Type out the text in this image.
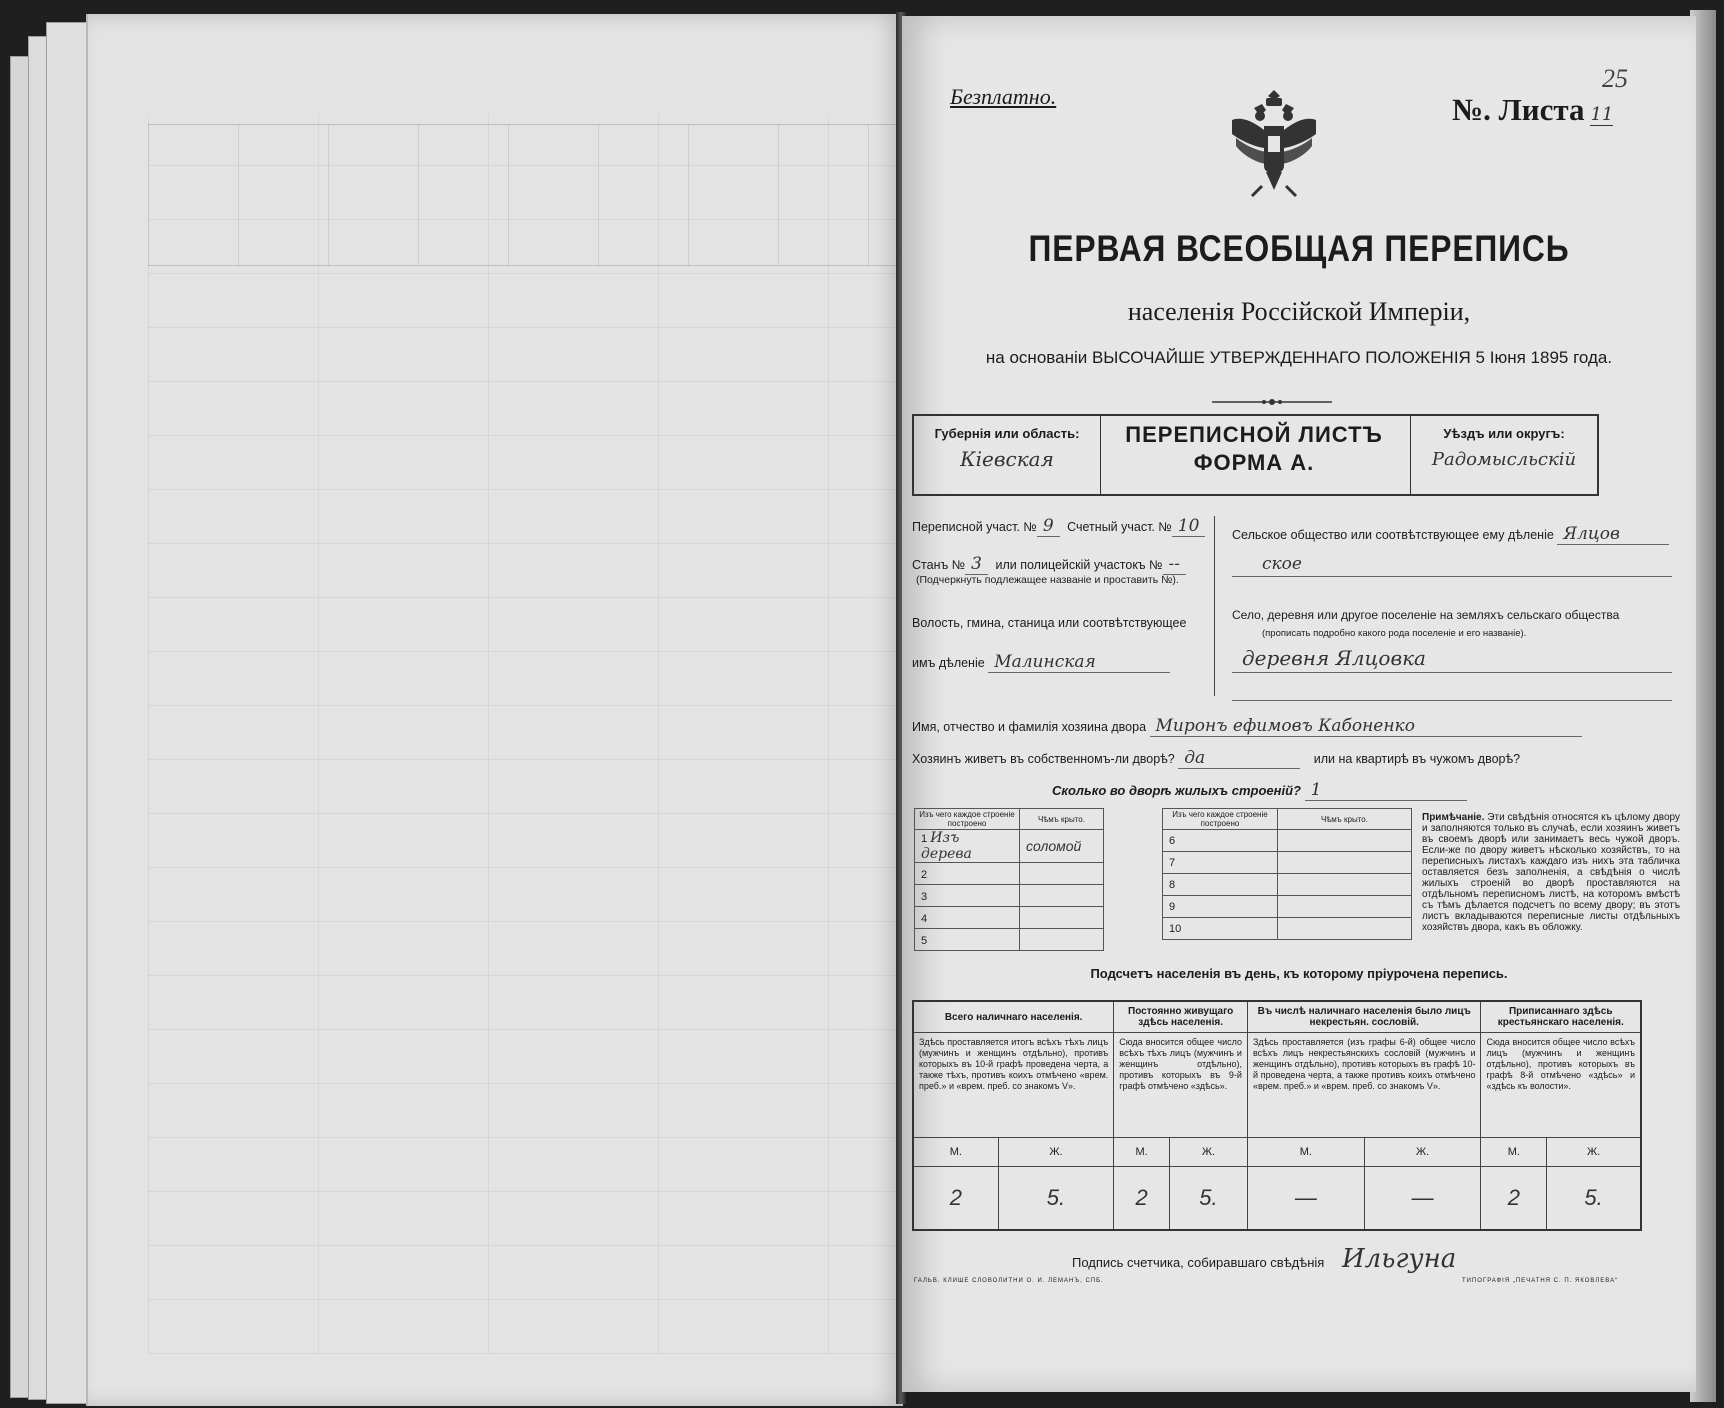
Безплатно.	№. Листа 11
25
ПЕРВАЯ ВСЕОБЩАЯ ПЕРЕПИСЬ
населенія Россійской Имперіи,
на основаніи ВЫСОЧАЙШЕ УТВЕРЖДЕННАГО ПОЛОЖЕНІЯ 5 Іюня 1895 года.
Губернія или область:
Кіевская
ПЕРЕПИСНОЙ ЛИСТЪ
ФОРМА А.
Уѣздъ или округъ:
Радомысльскій
Переписной участ. № 9 Счетный участ. № 10
Станъ № 3 или полицейскій участокъ № --
(Подчеркнуть подлежащее названіе и проставить №).
Волость, гмина, станица или соотвѣтствующее
имъ дѣленіе Малинская
Сельское общество или соотвѣтствующее ему дѣленіе Ялцов
ское
Село, деревня или другое поселеніе на земляхъ сельскаго общества
(прописать подробно какого рода поселеніе и его названіе).
деревня Ялцовка
Имя, отчество и фамилія хозяина двора Миронъ ефимовъ Кабоненко
Хозяинъ живетъ въ собственномъ-ли дворѣ? да	или на квартирѣ въ чужомъ дворѣ?
Сколько во дворѣ жилыхъ строеній? 1
Изъ чего каждое строеніе построено	Чѣмъ крыто.
1 Изъ дерева	соломой
2	
3	
4	
5	
Изъ чего каждое строеніе построено	Чѣмъ крыто.
6	
7	
8	
9	
10	
Примѣчаніе. Эти свѣдѣнія относятся къ цѣлому двору и заполняются только въ случаѣ, если хозяинъ живетъ въ своемъ дворѣ или занимаетъ весь чужой дворъ. Если-же по двору живетъ нѣсколько хозяйствъ, то на переписныхъ листахъ каждаго изъ нихъ эта табличка оставляется безъ заполненія, а свѣдѣнія о числѣ жилыхъ строеній во дворѣ проставляются на отдѣльномъ переписномъ листѣ, на которомъ вмѣстѣ съ тѣмъ дѣлается подсчетъ по всему двору; въ этотъ листъ вкладываются переписные листы отдѣльныхъ хозяйствъ двора, какъ въ обложку.
Подсчетъ населенія въ день, къ которому пріурочена перепись.
Всего наличнаго населенія.		Постоянно живущаго здѣсь населенія.		Въ числѣ наличнаго населенія было лицъ некрестьян. сословій.		Приписаннаго здѣсь крестьянскаго населенія.	
Здѣсь проставляется итогъ всѣхъ тѣхъ лицъ (мужчинъ и женщинъ отдѣльно), противъ которыхъ въ 10-й графѣ проведена черта, а также тѣхъ, противъ коихъ отмѣчено «врем. преб.» и «врем. преб. со знакомъ V».		Сюда вносится общее число всѣхъ тѣхъ лицъ (мужчинъ и женщинъ отдѣльно), противъ которыхъ въ 9-й графѣ отмѣчено «здѣсь».		Здѣсь проставляется (изъ графы 6-й) общее число всѣхъ лицъ некрестьянскихъ сословій (мужчинъ и женщинъ отдѣльно), противъ которыхъ въ графѣ 10-й проведена черта, а также противъ коихъ отмѣчено «врем. преб.» и «врем. преб. со знакомъ V».		Сюда вносится общее число всѣхъ лицъ (мужчинъ и женщинъ отдѣльно), противъ которыхъ въ графѣ 8-й отмѣчено «здѣсь» и «здѣсь къ волости».	
М.	Ж.	М.	Ж.	М.	Ж.	М.	Ж.
2	5.	2	5.	—	—	2	5.
Подпись счетчика, собиравшаго свѣдѣнія Ильгуна
ГАЛЬВ. КЛИШЕ СЛОВОЛИТНИ О. И. ЛЕМАНЪ, СПБ.	ТИПОГРАФІЯ „ПЕЧАТНЯ С. П. ЯКОВЛЕВА“
